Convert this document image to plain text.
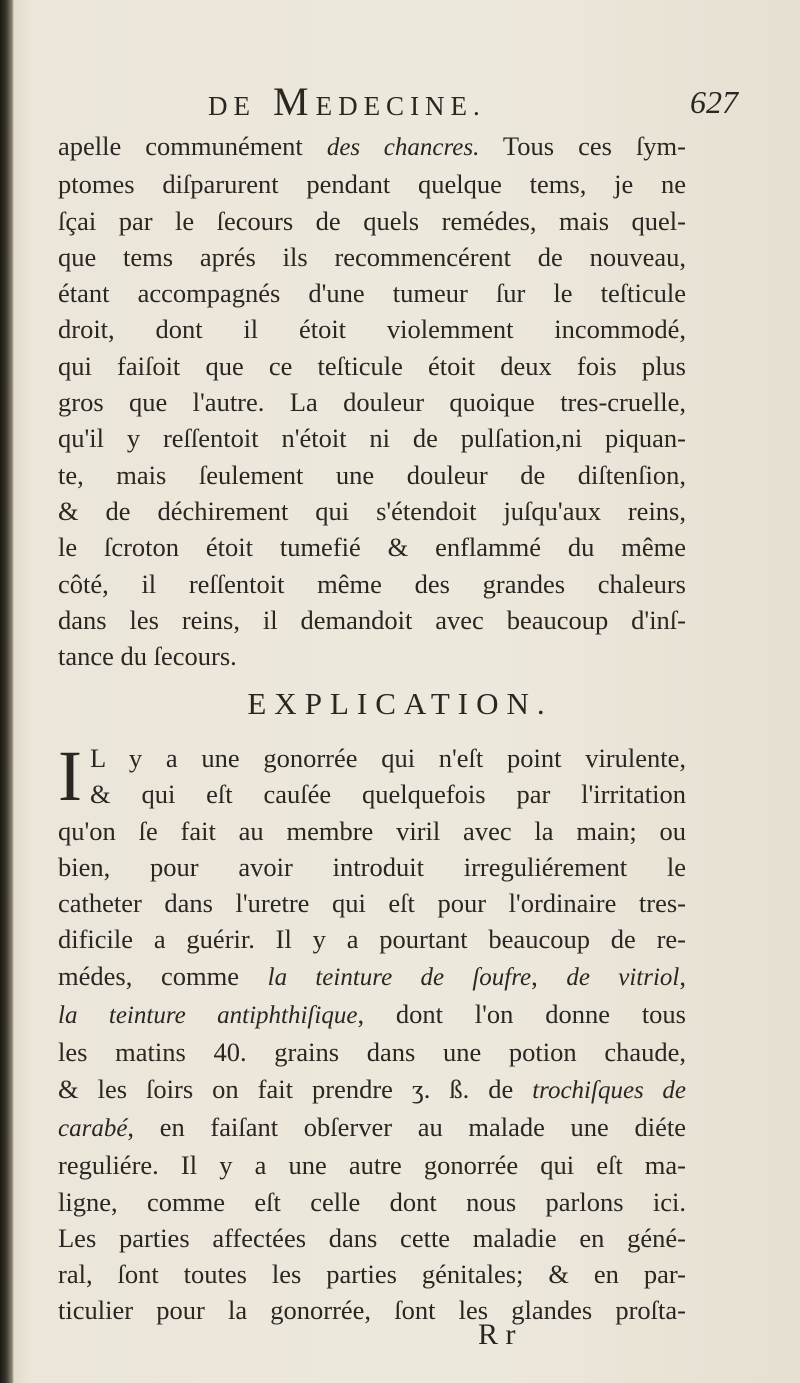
DE MEDECINE.	627
apelle communément des chancres. Tous ces ſym-
ptomes diſparurent pendant quelque tems, je ne
ſçai par le ſecours de quels remédes, mais quel-
que tems aprés ils recommencérent de nouveau,
étant accompagnés d'une tumeur ſur le teſticule
droit, dont il étoit violemment incommodé,
qui faiſoit que ce teſticule étoit deux fois plus
gros que l'autre. La douleur quoique tres-cruelle,
qu'il y reſſentoit n'étoit ni de pulſation,ni piquan-
te, mais ſeulement une douleur de diſtenſion,
& de déchirement qui s'étendoit juſqu'aux reins,
le ſcroton étoit tumefié & enflammé du même
côté, il reſſentoit même des grandes chaleurs
dans les reins, il demandoit avec beaucoup d'inſ-
tance du ſecours.
EXPLICATION.
I L y a une gonorrée qui n'eſt point virulente,
& qui eſt cauſée quelquefois par l'irritation
qu'on ſe fait au membre viril avec la main; ou
bien, pour avoir introduit irreguliérement le
catheter dans l'uretre qui eſt pour l'ordinaire tres-
dificile a guérir. Il y a pourtant beaucoup de re-
médes, comme la teinture de ſoufre, de vitriol,
la teinture antiphthiſique, dont l'on donne tous
les matins 40. grains dans une potion chaude,
& les ſoirs on fait prendre ʒ. ß. de trochiſques de
carabé, en faiſant obſerver au malade une diéte
reguliére. Il y a une autre gonorrée qui eſt ma-
ligne, comme eſt celle dont nous parlons ici.
Les parties affectées dans cette maladie en géné-
ral, ſont toutes les parties génitales; & en par-
ticulier pour la gonorrée, ſont les glandes proſta-
R r
